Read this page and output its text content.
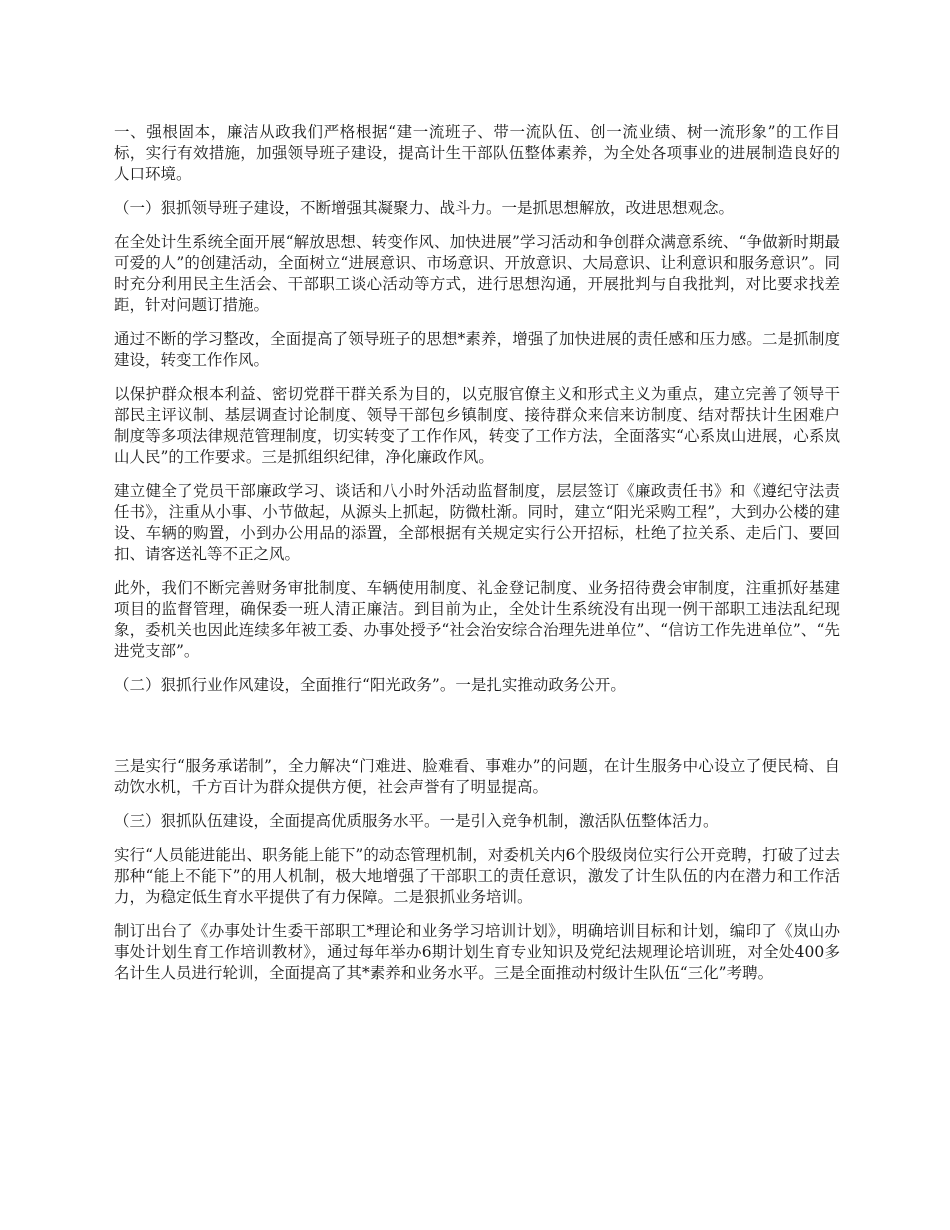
一、强根固本，廉洁从政我们严格根据“建一流班子、带一流队伍、创一流业绩、树一流形象”的工作目标，实行有效措施，加强领导班子建设，提高计生干部队伍整体素养，为全处各项事业的进展制造良好的人口环境。

（一）狠抓领导班子建设，不断增强其凝聚力、战斗力。一是抓思想解放，改进思想观念。

在全处计生系统全面开展“解放思想、转变作风、加快进展”学习活动和争创群众满意系统、“争做新时期最可爱的人”的创建活动，全面树立“进展意识、市场意识、开放意识、大局意识、让利意识和服务意识”。同时充分利用民主生活会、干部职工谈心活动等方式，进行思想沟通，开展批判与自我批判，对比要求找差距，针对问题订措施。

通过不断的学习整改，全面提高了领导班子的思想*素养，增强了加快进展的责任感和压力感。二是抓制度建设，转变工作作风。

以保护群众根本利益、密切党群干群关系为目的，以克服官僚主义和形式主义为重点，建立完善了领导干部民主评议制、基层调查讨论制度、领导干部包乡镇制度、接待群众来信来访制度、结对帮扶计生困难户制度等多项法律规范管理制度，切实转变了工作作风，转变了工作方法，全面落实“心系岚山进展，心系岚山人民”的工作要求。三是抓组织纪律，净化廉政作风。

建立健全了党员干部廉政学习、谈话和八小时外活动监督制度，层层签订《廉政责任书》和《遵纪守法责任书》，注重从小事、小节做起，从源头上抓起，防微杜渐。同时，建立“阳光采购工程”，大到办公楼的建设、车辆的购置，小到办公用品的添置，全部根据有关规定实行公开招标，杜绝了拉关系、走后门、要回扣、请客送礼等不正之风。

此外，我们不断完善财务审批制度、车辆使用制度、礼金登记制度、业务招待费会审制度，注重抓好基建项目的监督管理，确保委一班人清正廉洁。到目前为止，全处计生系统没有出现一例干部职工违法乱纪现象，委机关也因此连续多年被工委、办事处授予“社会治安综合治理先进单位”、“信访工作先进单位”、“先进党支部”。

（二）狠抓行业作风建设，全面推行“阳光政务”。一是扎实推动政务公开。

三是实行“服务承诺制”，全力解决“门难进、脸难看、事难办”的问题，在计生服务中心设立了便民椅、自动饮水机，千方百计为群众提供方便，社会声誉有了明显提高。

（三）狠抓队伍建设，全面提高优质服务水平。一是引入竞争机制，激活队伍整体活力。

实行“人员能进能出、职务能上能下”的动态管理机制，对委机关内6个股级岗位实行公开竞聘，打破了过去那种“能上不能下”的用人机制，极大地增强了干部职工的责任意识，激发了计生队伍的内在潜力和工作活力，为稳定低生育水平提供了有力保障。二是狠抓业务培训。

制订出台了《办事处计生委干部职工*理论和业务学习培训计划》，明确培训目标和计划，编印了《岚山办事处计划生育工作培训教材》，通过每年举办6期计划生育专业知识及党纪法规理论培训班，对全处400多名计生人员进行轮训，全面提高了其*素养和业务水平。三是全面推动村级计生队伍“三化”考聘。
